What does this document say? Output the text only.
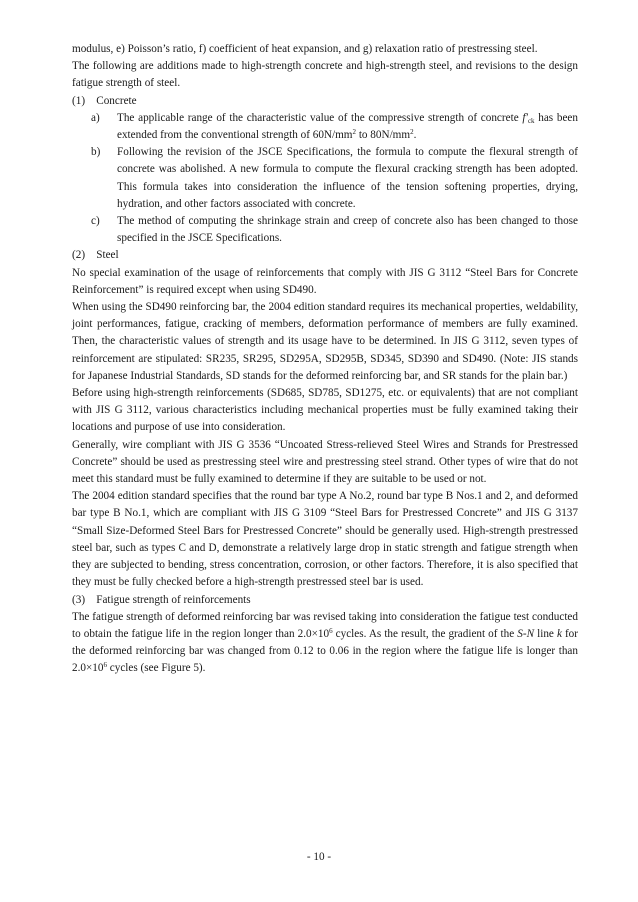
modulus, e) Poisson’s ratio, f) coefficient of heat expansion, and g) relaxation ratio of prestressing steel.

The following are additions made to high-strength concrete and high-strength steel, and revisions to the design fatigue strength of steel.

(1) Concrete
a) The applicable range of the characteristic value of the compressive strength of concrete $f'_{ck}$ has been extended from the conventional strength of $60N/mm^2$ to $80N/mm^2$.

b) Following the revision of the JSCE Specifications, the formula to compute the flexural strength of concrete was abolished. A new formula to compute the flexural cracking strength has been adopted. This formula takes into consideration the influence of the tension softening properties, drying, hydration, and other factors associated with concrete.

c) The method of computing the shrinkage strain and creep of concrete also has been changed to those specified in the JSCE Specifications.

(2) Steel

No special examination of the usage of reinforcements that comply with JIS G 3112 “Steel Bars for Concrete Reinforcement” is required except when using SD490.

When using the SD490 reinforcing bar, the 2004 edition standard requires its mechanical properties, weldability, joint performances, fatigue, cracking of members, deformation performance of members are fully examined. Then, the characteristic values of strength and its usage have to be determined. In JIS G 3112, seven types of reinforcement are stipulated: SR235, SR295, SD295A, SD295B, SD345, SD390 and SD490. (Note: JIS stands for Japanese Industrial Standards, SD stands for the deformed reinforcing bar, and SR stands for the plain bar.)

Before using high-strength reinforcements (SD685, SD785, SD1275, etc. or equivalents) that are not compliant with JIS G 3112, various characteristics including mechanical properties must be fully examined taking their locations and purpose of use into consideration.

Generally, wire compliant with JIS G 3536 “Uncoated Stress-relieved Steel Wires and Strands for Prestressed Concrete” should be used as prestressing steel wire and prestressing steel strand. Other types of wire that do not meet this standard must be fully examined to determine if they are suitable to be used or not.

The 2004 edition standard specifies that the round bar type A No.2, round bar type B Nos.1 and 2, and deformed bar type B No.1, which are compliant with JIS G 3109 “Steel Bars for Prestressed Concrete” and JIS G 3137 “Small Size-Deformed Steel Bars for Prestressed Concrete” should be generally used. High-strength prestressed steel bar, such as types C and D, demonstrate a relatively large drop in static strength and fatigue strength when they are subjected to bending, stress concentration, corrosion, or other factors. Therefore, it is also specified that they must be fully checked before a high-strength prestressed steel bar is used.

(3) Fatigue strength of reinforcements

The fatigue strength of deformed reinforcing bar was revised taking into consideration the fatigue test conducted to obtain the fatigue life in the region longer than $2.0\times 10^6$ cycles. As the result, the gradient of the S-N line k for the deformed reinforcing bar was changed from 0.12 to 0.06 in the region where the fatigue life is longer than $2.0\times 10^6$ cycles (see Figure 5).

- 10 -
